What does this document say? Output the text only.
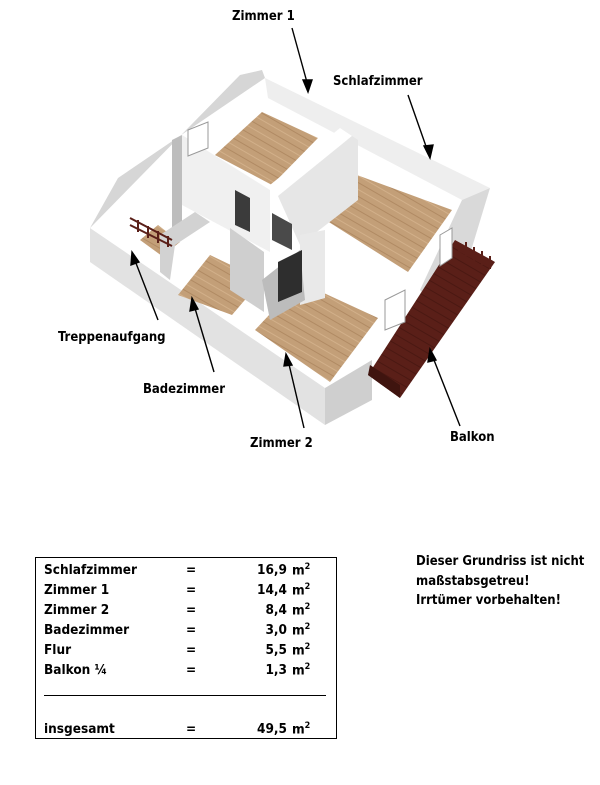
Zimmer 1
Schlafzimmer
Treppenaufgang
Badezimmer
Zimmer 2	Balkon
Schlafzimmer	=	16,9 $m^2$
Zimmer 1	=	14,4 $m^2$
Zimmer 2	=	8,4 $m^2$
Badezimmer	=	3,0 $m^2$
Flur	=	5,5 $m^2$
Balkon ¼	=	1,3 $m^2$
insgesamt	=	49,5 $m^2$
Dieser Grundriss ist nicht
maßstabsgetreu!
Irrtümer vorbehalten!
